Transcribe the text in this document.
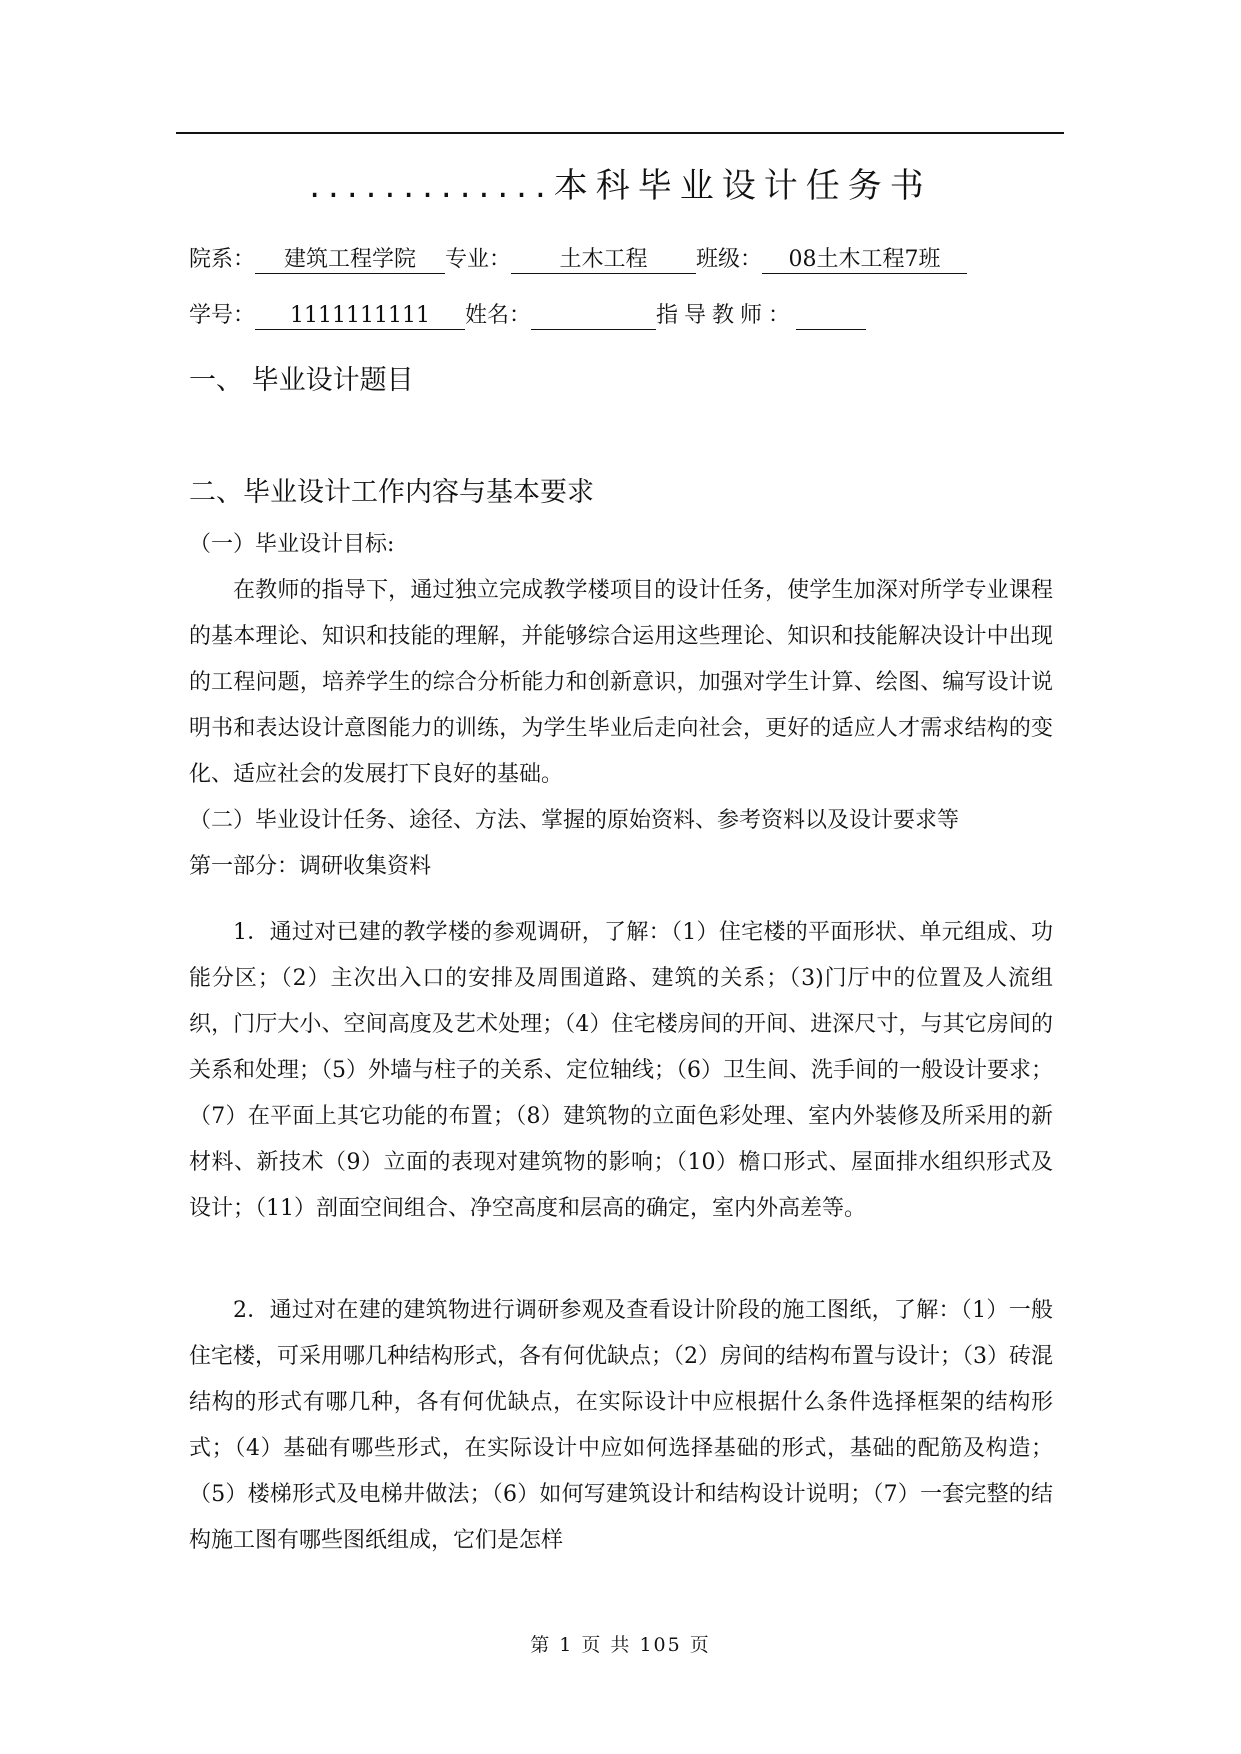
.............本科毕业设计任务书
院系： 建筑工程学院 专业： 土木工程 班级： 08土木工程7班
学号： 1111111111 姓名：	指导教师：
一、 毕业设计题目
二、毕业设计工作内容与基本要求
（一）毕业设计目标:
在教师的指导下，通过独立完成教学楼项目的设计任务，使学生加深对所学专业课程的基本理论、知识和技能的理解，并能够综合运用这些理论、知识和技能解决设计中出现的工程问题，培养学生的综合分析能力和创新意识，加强对学生计算、绘图、编写设计说明书和表达设计意图能力的训练，为学生毕业后走向社会，更好的适应人才需求结构的变化、适应社会的发展打下良好的基础。
（二）毕业设计任务、途径、方法、掌握的原始资料、参考资料以及设计要求等
第一部分：调研收集资料
1．通过对已建的教学楼的参观调研，了解：（1）住宅楼的平面形状、单元组成、功能分区；（2）主次出入口的安排及周围道路、建筑的关系；（3)门厅中的位置及人流组织，门厅大小、空间高度及艺术处理；（4）住宅楼房间的开间、进深尺寸，与其它房间的关系和处理；（5）外墙与柱子的关系、定位轴线；（6）卫生间、洗手间的一般设计要求；（7）在平面上其它功能的布置；（8）建筑物的立面色彩处理、室内外装修及所采用的新材料、新技术（9）立面的表现对建筑物的影响；（10）檐口形式、屋面排水组织形式及设计；（11）剖面空间组合、净空高度和层高的确定，室内外高差等。
2．通过对在建的建筑物进行调研参观及查看设计阶段的施工图纸，了解：（1）一般住宅楼，可采用哪几种结构形式，各有何优缺点；（2）房间的结构布置与设计；（3）砖混结构的形式有哪几种，各有何优缺点，在实际设计中应根据什么条件选择框架的结构形式；（4）基础有哪些形式，在实际设计中应如何选择基础的形式，基础的配筋及构造；（5）楼梯形式及电梯井做法；（6）如何写建筑设计和结构设计说明；（7）一套完整的结构施工图有哪些图纸组成，它们是怎样
第 1 页 共 105 页
